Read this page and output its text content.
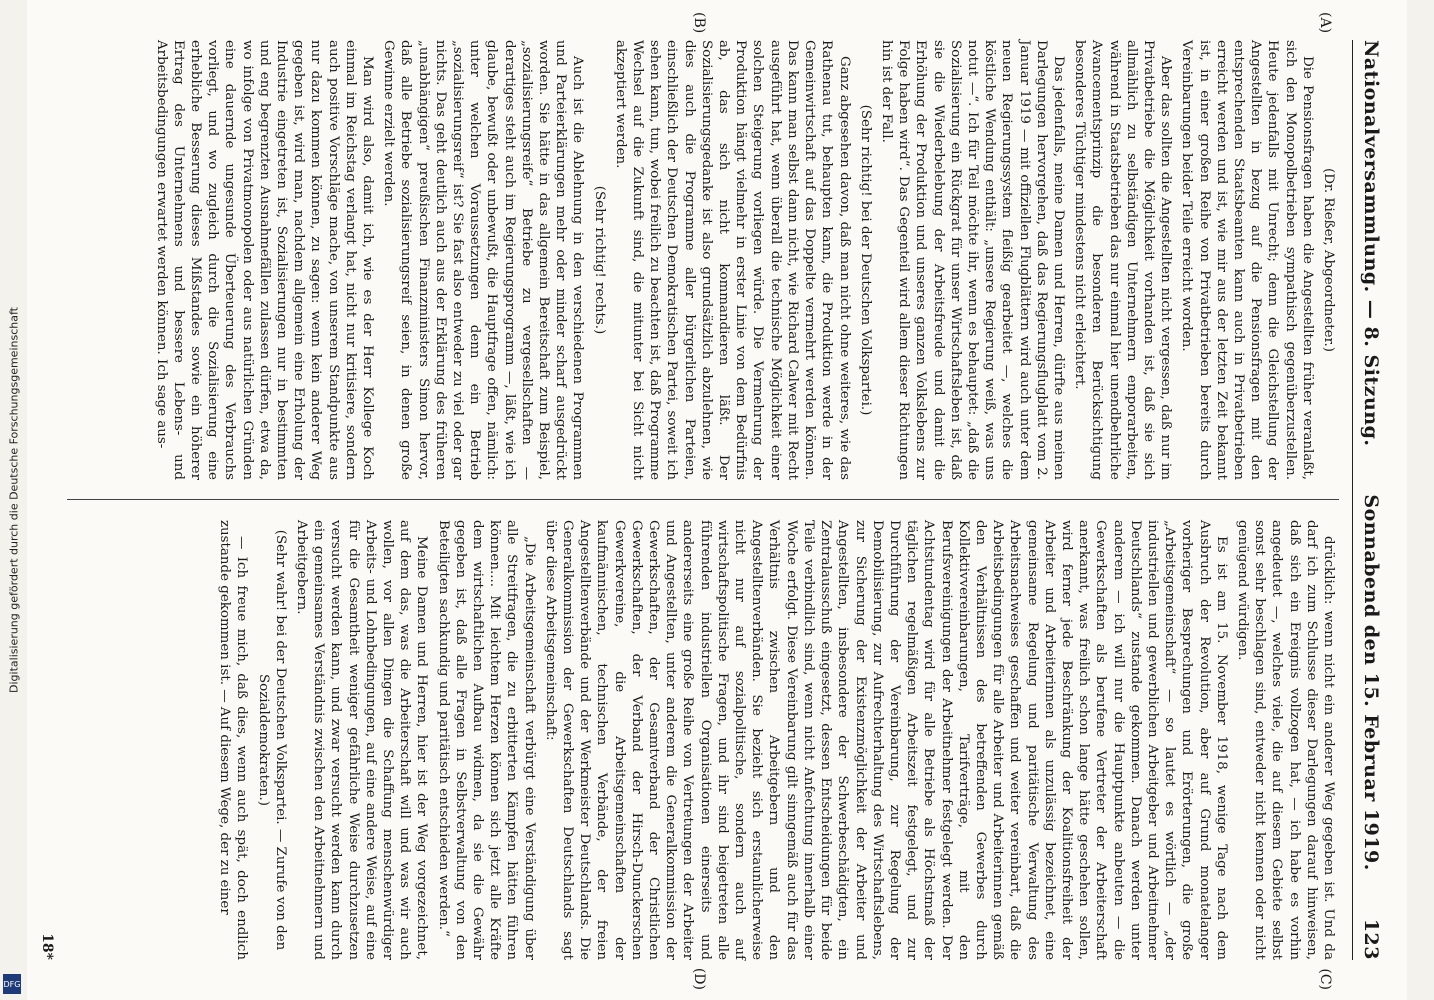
Digitalisierung gefördert durch die Deutsche Forschungsgemeinschaft
DFG
Nationalversammlung. — 8. Sitzung.
Sonnabend den 15. Februar 1919.
123
(A)
(B)
(C)
(D)

(Dr. Rießer, Abgeordneter.)

Die Pensionsfragen haben die Angestellten früher veranlaßt, sich den Monopolbetrieben sympathisch gegenüberzustellen. Heute jedenfalls mit Unrecht; denn die Gleichstellung der Angestellten in bezug auf die Pensionsfragen mit den entsprechenden Staatsbeamten kann auch in Privatbetrieben erreicht werden und ist, wie mir aus der letzten Zeit bekannt ist, in einer großen Reihe von Privatbetrieben bereits durch Vereinbarungen beider Teile erreicht worden.

Aber das sollten die Angestellten nicht vergessen, daß nur im Privatbetriebe die Möglichkeit vorhanden ist, daß sie sich allmählich zu selbständigen Unternehmern emporarbeiten, während in Staatsbetrieben das nur einmal hier unendbehrliche Avancementsprinzip die besonderen Berücksichtigung besonderes Tüchtiger mindestens nicht erleichtert.

Das jedenfalls, meine Damen und Herren, dürfte aus meinen Darlegungen hervorgehen, daß das Regierungsflugblatt vom 2. Januar 1919 — mit offiziellen Flugblättern wird auch unter dem neuen Regierungssystem fleißig gearbeitet —, welches die köstliche Wendung enthält: „unsere Regierung weiß, was uns notut —“. Ich für Teil möchte ihr, wenn es behauptet: „daß die Sozialisierung ein Rückgrat für unser Wirtschaftsleben ist, daß sie die Wiederbelebung der Arbeitsfreude und damit die Erhöhung der Produktion und unseres ganzen Volkslebens zur Folge haben wird“. Das Gegenteil wird allem dieser Richtungen hin ist der Fall.

(Sehr richtig! bei der Deutschen Volkspartei.)

Ganz abgesehen davon, daß man nicht ohne weiteres, wie das Rathenau tut, behaupten kann, die Produktion werde in der Gemeinwirtschaft auf das Doppelte vermehrt werden können. Das kann man selbst dann nicht, wie Richard Calwer mit Recht ausgeführt hat, wenn überall die technische Möglichkeit einer solchen Steigerung vorliegen würde. Die Vermehrung der Produktion hängt vielmehr in erster Linie von dem Bedürfnis ab, das sich nicht kommandieren läßt. Der Sozialisierungsgedanke ist also grundsätzlich abzulehnen, wie dies auch die Programme aller bürgerlichen Parteien, einschließlich der Deutschen Demokratischen Partei, soweit ich sehen kann, tun, wobei freilich zu beachten ist, daß Programme Wechsel auf die Zukunft sind, die mitunter bei Sicht nicht akzeptiert werden.

(Sehr richtig! rechts.)

Auch ist die Ablehnung in den verschiedenen Programmen und Parteierklärungen mehr oder minder scharf ausgedrückt worden. Sie hätte in das allgemein Bereitschaft zum Beispiel, „sozialisierungsreife“ Betriebe zu vergesellschaften — derartiges steht auch im Regierungsprogramm —, läßt, wie ich glaube, bewußt oder unbewußt, die Hauptfrage offen, nämlich: unter welchen Voraussetzungen denn ein Betrieb „sozialisierungsreif“ ist? Sie fast also entweder zu viel oder gar nichts. Das geht deutlich auch aus der Erklärung des früheren „unabhängigen“ preußischen Finanzministers Simon hervor, daß alle Betriebe sozialisierungsreif seien, in denen große Gewinne erzielt werden.

Man wird also, damit ich, wie es der Herr Kollege Koch einmal im Reichstag verlangt hat, nicht nur kritisiere, sondern auch positive Vorschläge mache, von unserem Standpunkte aus nur dazu kommen können, zu sagen: wenn kein anderer Weg gegeben ist, wird man, nachdem allgemein eine Erholung der Industrie eingetreten ist, Sozialisierungen nur in bestimmten und eng begrenzten Ausnahmefällen zulassen dürfen, etwa da, wo infolge von Privatmonopolen oder aus natürlichen Gründen eine dauernde ungesunde Überteuerung des Verbrauchs vorliegt, und wo zugleich durch die Sozialisierung eine erhebliche Besserung dieses Mißstandes sowie ein höherer Ertrag des Unternehmens und bessere Lebens- und Arbeitsbedingungen erwartet werden können. Ich sage aus-

drücklich: wenn nicht ein anderer Weg gegeben ist. Und da darf ich zum Schlusse dieser Darlegungen darauf hinweisen, daß sich ein Ereignis vollzogen hat, — ich habe es vorhin angedeutet —, welches viele, die auf diesem Gebiete selbst sonst sehr beschlagen sind, entweder nicht kennen oder nicht genügend würdigen.

Es ist am 15. November 1918, wenige Tage nach dem Ausbruch der Revolution, aber auf Grund monatelanger vorheriger Besprechungen und Erörterungen, die große „Arbeitsgemeinschaft“ — so lautet es wörtlich — „der industriellen und gewerblichen Arbeitgeber und Arbeitnehmer Deutschlands“ zustande gekommen. Danach werden unter anderem — ich will nur die Hauptpunkte anbeuten — die Gewerkschaften als berufene Vertreter der Arbeiterschaft anerkannt, was freilich schon lange hätte geschehen sollen, wird ferner jede Beschränkung der Koalitionsfreiheit der Arbeiter und Arbeiterinnen als unzulässig bezeichnet, eine gemeinsame Regelung und paritätische Verwaltung des Arbeitsnachweises geschaffen und weiter vereinbart, daß die Arbeitsbedingungen für alle Arbeiter und Arbeiterinnen gemäß den Verhältnissen des betreffenden Gewerbes durch Kollektivvereinbarungen, Tarifverträge, mit den Berufsvereinigungen der Arbeitnehmer festgelegt werden. Der Achtstundentag wird für alle Betriebe als Höchstmaß der täglichen regelmäßigen Arbeitszeit festgelegt, und zur Durchführung der Vereinbarung, zur Regelung der Demobilisierung, zur Aufrechterhaltung des Wirtschaftslebens, zur Sicherung der Existenzmöglichkeit der Arbeiter und Angestellten, insbesondere der Schwerbeschädigten, ein Zentralausschuß eingesetzt, dessen Entscheidungen für beide Teile verbindlich sind, wenn nicht Anfechtung innerhalb einer Woche erfolgt. Diese Vereinbarung gilt sinngemäß auch für das Verhältnis zwischen Arbeitgebern und den Angestelltenverbänden. Sie bezieht sich erstaunlicherweise nicht nur auf sozialpolitische, sondern auch auf wirtschaftspolitische Fragen, und ihr sind beigetreten alle führenden industriellen Organisationen einerseits und andererseits eine große Reihe von Vertretungen der Arbeiter und Angestellten, unter anderem die Generalkommission der Gewerkschaften, der Gesamtverband der Christlichen Gewerkschaften, der Verband der Hirsch-Dunckerschen Gewerkvereine, die Arbeitsgemeinschaften der kaufmännischen, technischen Verbände, der freien Angestelltenverbände und der Werkmeister Deutschlands. Die Generalkommission der Gewerkschaften Deutschlands sagt über diese Arbeitsgemeinschaft:

„Die Arbeitsgemeinschaft verbürgt eine Verständigung über alle Streitfragen, die zu erbitterten Kämpfen hätten führen können.... Mit leichtem Herzen können sich jetzt alle Kräfte dem wirtschaftlichen Aufbau widmen, da sie die Gewähr gegeben ist, daß alle Fragen in Selbstverwaltung von den Beteiligten sachkundig und paritätisch entschieden werden.“

Meine Damen und Herren, hier ist der Weg vorgezeichnet, auf dem das, was die Arbeiterschaft will und was wir auch wollen, vor allen Dingen die Schaffung menschenwürdiger Arbeits- und Lohnbedingungen, auf eine andere Weise, auf eine für die Gesamtheit weniger gefährliche Weise durchzusetzen versucht werden kann, und zwar versucht werden kann durch ein gemeinsames Verständnis zwischen den Arbeitnehmern und Arbeitgebern.

(Sehr wahr! bei der Deutschen Volkspartei. — Zurufe von den Sozialdemokraten.)

— Ich freue mich, daß dies, wenn auch spät, doch endlich zustande gekommen ist. — Auf diesem Wege, der zu einer

18*
